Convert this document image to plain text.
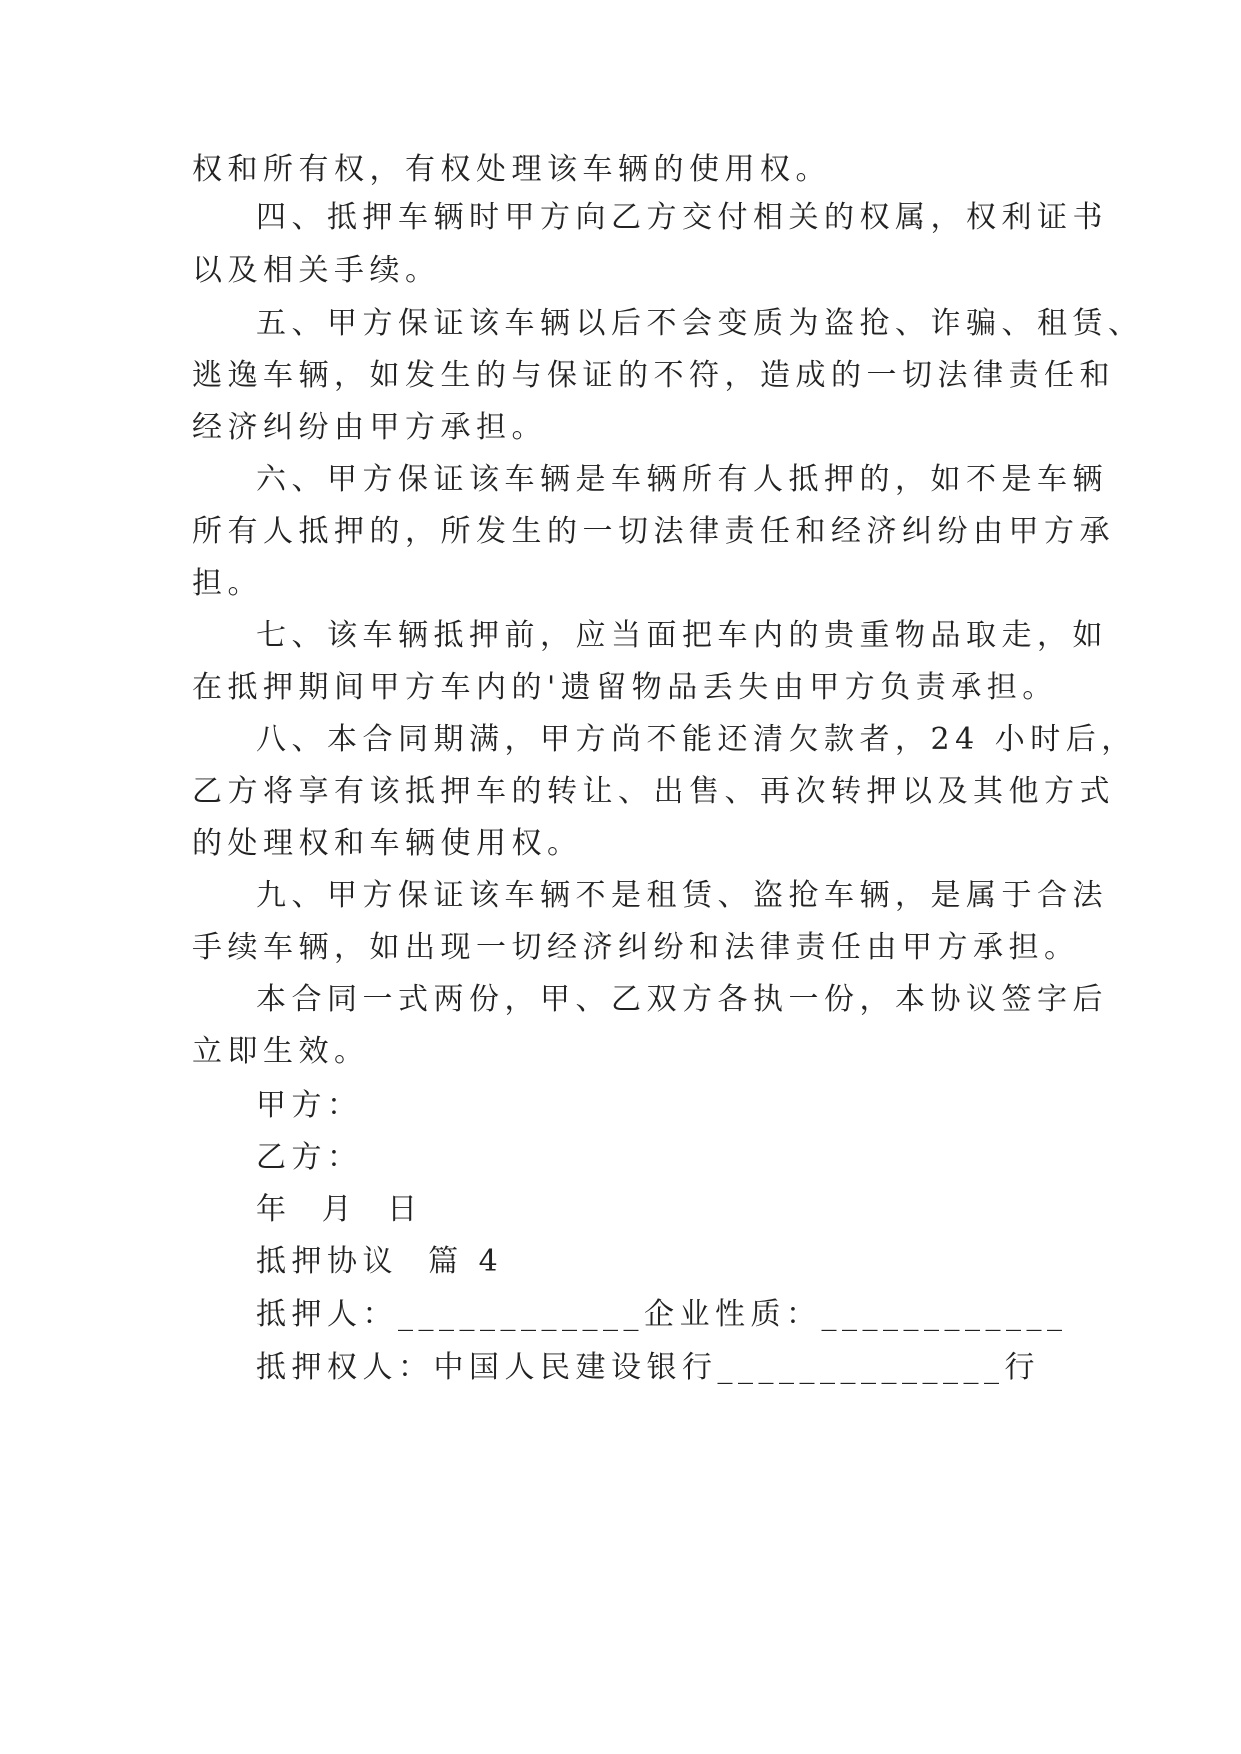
权和所有权，有权处理该车辆的使用权。
四、抵押车辆时甲方向乙方交付相关的权属，权利证书
以及相关手续。
五、甲方保证该车辆以后不会变质为盗抢、诈骗、租赁、
逃逸车辆，如发生的与保证的不符，造成的一切法律责任和
经济纠纷由甲方承担。
六、甲方保证该车辆是车辆所有人抵押的，如不是车辆
所有人抵押的，所发生的一切法律责任和经济纠纷由甲方承
担。
七、该车辆抵押前，应当面把车内的贵重物品取走，如
在抵押期间甲方车内的'遗留物品丢失由甲方负责承担。
八、本合同期满，甲方尚不能还清欠款者，24 小时后，
乙方将享有该抵押车的转让、出售、再次转押以及其他方式
的处理权和车辆使用权。
九、甲方保证该车辆不是租赁、盗抢车辆，是属于合法
手续车辆，如出现一切经济纠纷和法律责任由甲方承担。
本合同一式两份，甲、乙双方各执一份，本协议签字后
立即生效。
甲方：
乙方：
年  月  日
抵押协议  篇 4
抵押人：____________企业性质：____________
抵押权人：中国人民建设银行______________行
